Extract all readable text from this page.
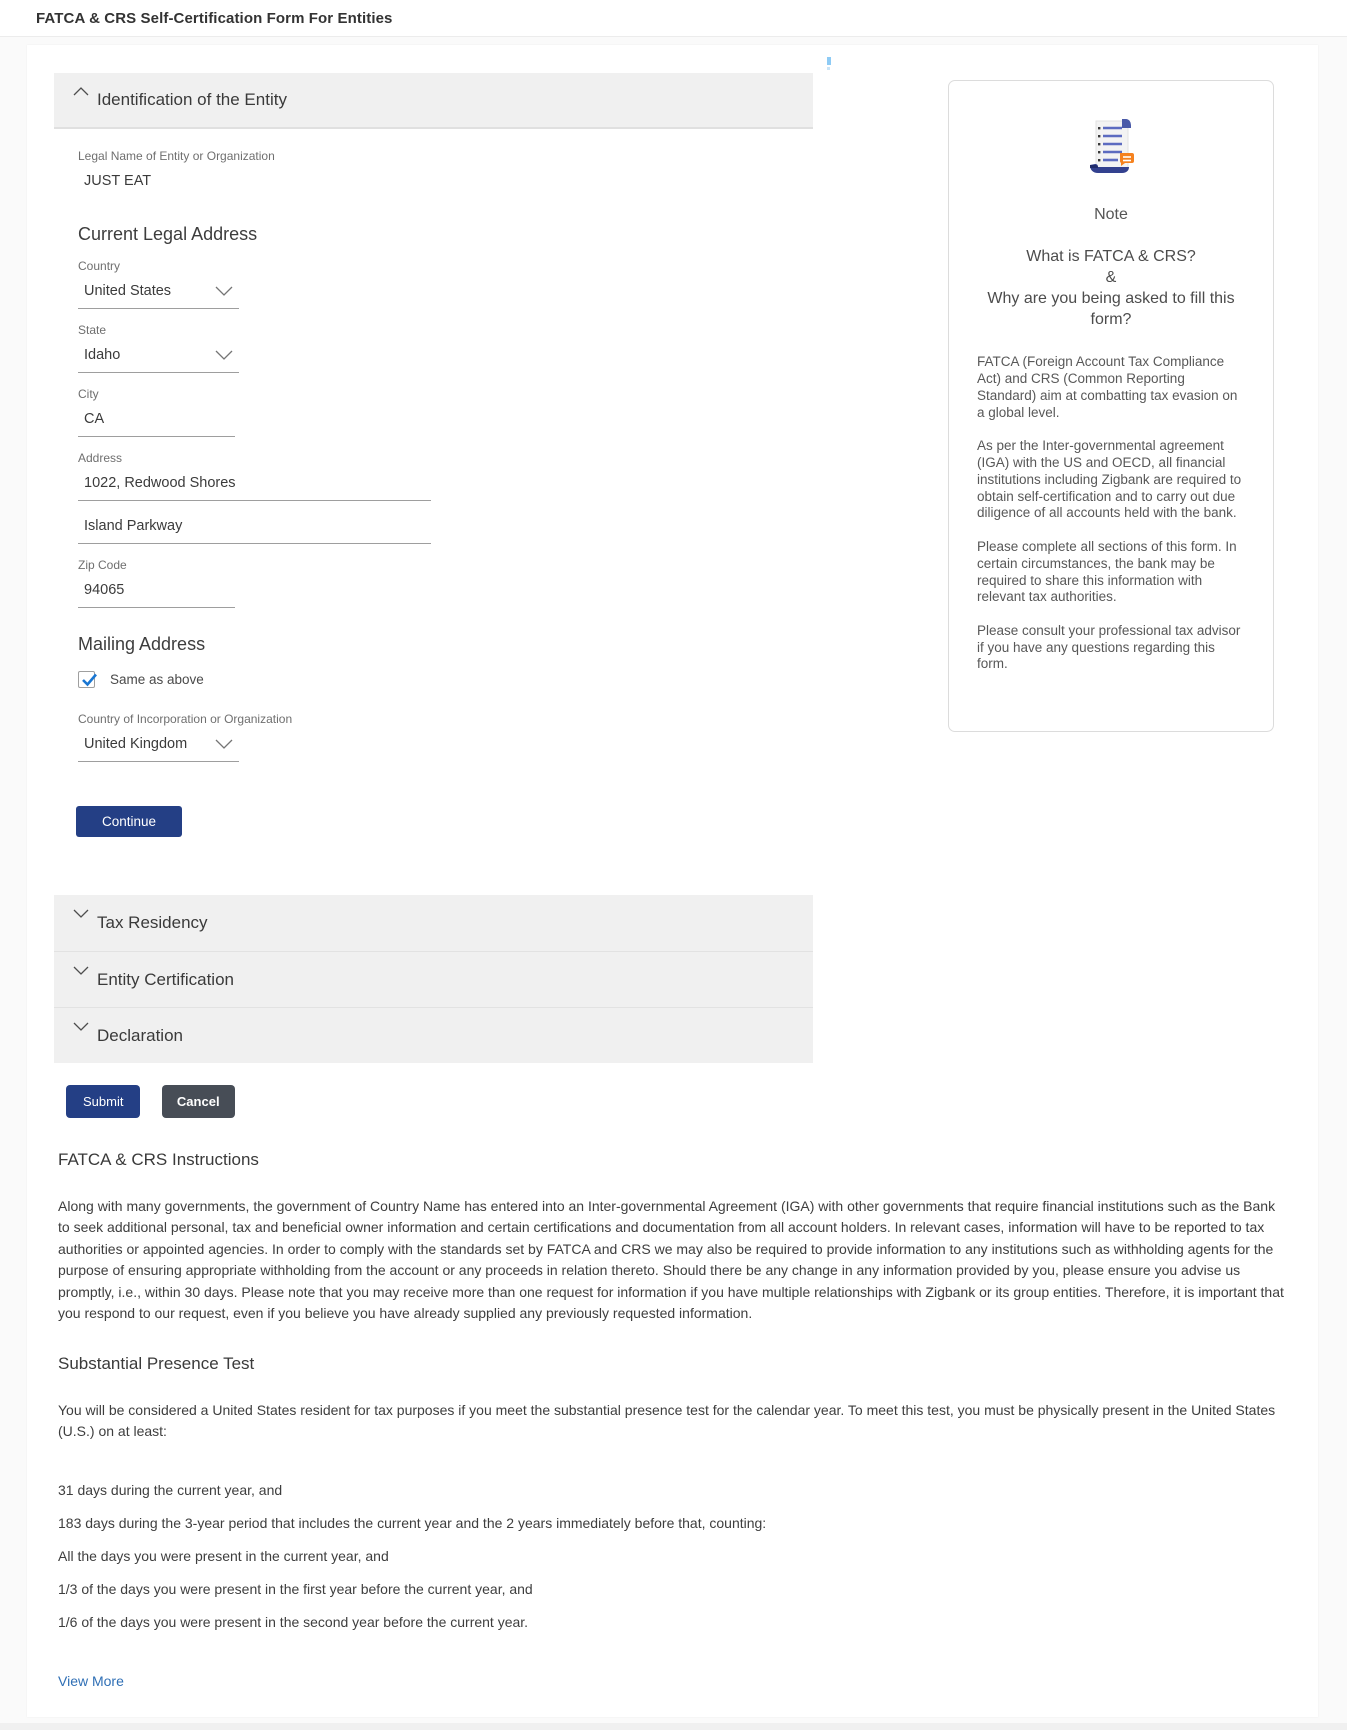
FATCA & CRS Self-Certification Form For Entities
Identification of the Entity
Legal Name of Entity or Organization
JUST EAT
Current Legal Address
Country
United States
State
Idaho
City
CA
Address
1022, Redwood Shores
Island Parkway
Zip Code
94065
Mailing Address
Same as above
Country of Incorporation or Organization
United Kingdom
Continue
Tax Residency
Entity Certification
Declaration
Submit	Cancel
Note
What is FATCA & CRS?
&
Why are you being asked to fill this form?

FATCA (Foreign Account Tax Compliance Act) and CRS (Common Reporting Standard) aim at combatting tax evasion on a global level.

As per the Inter-governmental agreement (IGA) with the US and OECD, all financial institutions including Zigbank are required to obtain self-certification and to carry out due diligence of all accounts held with the bank.

Please complete all sections of this form. In certain circumstances, the bank may be required to share this information with relevant tax authorities.

Please consult your professional tax advisor if you have any questions regarding this form.

FATCA & CRS Instructions

Along with many governments, the government of Country Name has entered into an Inter-governmental Agreement (IGA) with other governments that require financial institutions such as the Bank to seek additional personal, tax and beneficial owner information and certain certifications and documentation from all account holders. In relevant cases, information will have to be reported to tax authorities or appointed agencies. In order to comply with the standards set by FATCA and CRS we may also be required to provide information to any institutions such as withholding agents for the purpose of ensuring appropriate withholding from the account or any proceeds in relation thereto. Should there be any change in any information provided by you, please ensure you advise us promptly, i.e., within 30 days. Please note that you may receive more than one request for information if you have multiple relationships with Zigbank or its group entities. Therefore, it is important that you respond to our request, even if you believe you have already supplied any previously requested information.

Substantial Presence Test

You will be considered a United States resident for tax purposes if you meet the substantial presence test for the calendar year. To meet this test, you must be physically present in the United States (U.S.) on at least:

31 days during the current year, and

183 days during the 3-year period that includes the current year and the 2 years immediately before that, counting:

All the days you were present in the current year, and

1/3 of the days you were present in the first year before the current year, and

1/6 of the days you were present in the second year before the current year.

View More
